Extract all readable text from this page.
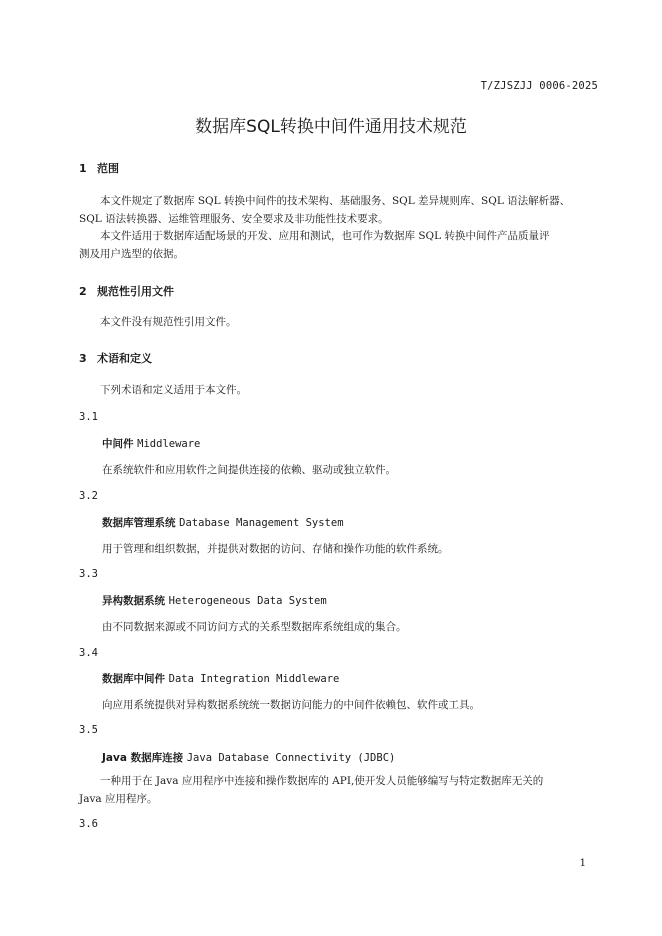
T/ZJSZJJ 0006-2025
数据库SQL转换中间件通用技术规范
1 范围
本文件规定了数据库 SQL 转换中间件的技术架构、基础服务、SQL 差异规则库、SQL 语法解析器、
SQL 语法转换器、运维管理服务、安全要求及非功能性技术要求。
本文件适用于数据库适配场景的开发、应用和测试，也可作为数据库 SQL 转换中间件产品质量评
测及用户选型的依据。
2 规范性引用文件
本文件没有规范性引用文件。
3 术语和定义
下列术语和定义适用于本文件。
3.1
中间件 Middleware
在系统软件和应用软件之间提供连接的依赖、驱动或独立软件。
3.2
数据库管理系统 Database Management System
用于管理和组织数据，并提供对数据的访问、存储和操作功能的软件系统。
3.3
异构数据系统 Heterogeneous Data System
由不同数据来源或不同访问方式的关系型数据库系统组成的集合。
3.4
数据库中间件 Data Integration Middleware
向应用系统提供对异构数据系统统一数据访问能力的中间件依赖包、软件或工具。
3.5
Java 数据库连接 Java Database Connectivity (JDBC)
一种用于在 Java 应用程序中连接和操作数据库的 API,使开发人员能够编写与特定数据库无关的
Java 应用程序。
3.6
1
